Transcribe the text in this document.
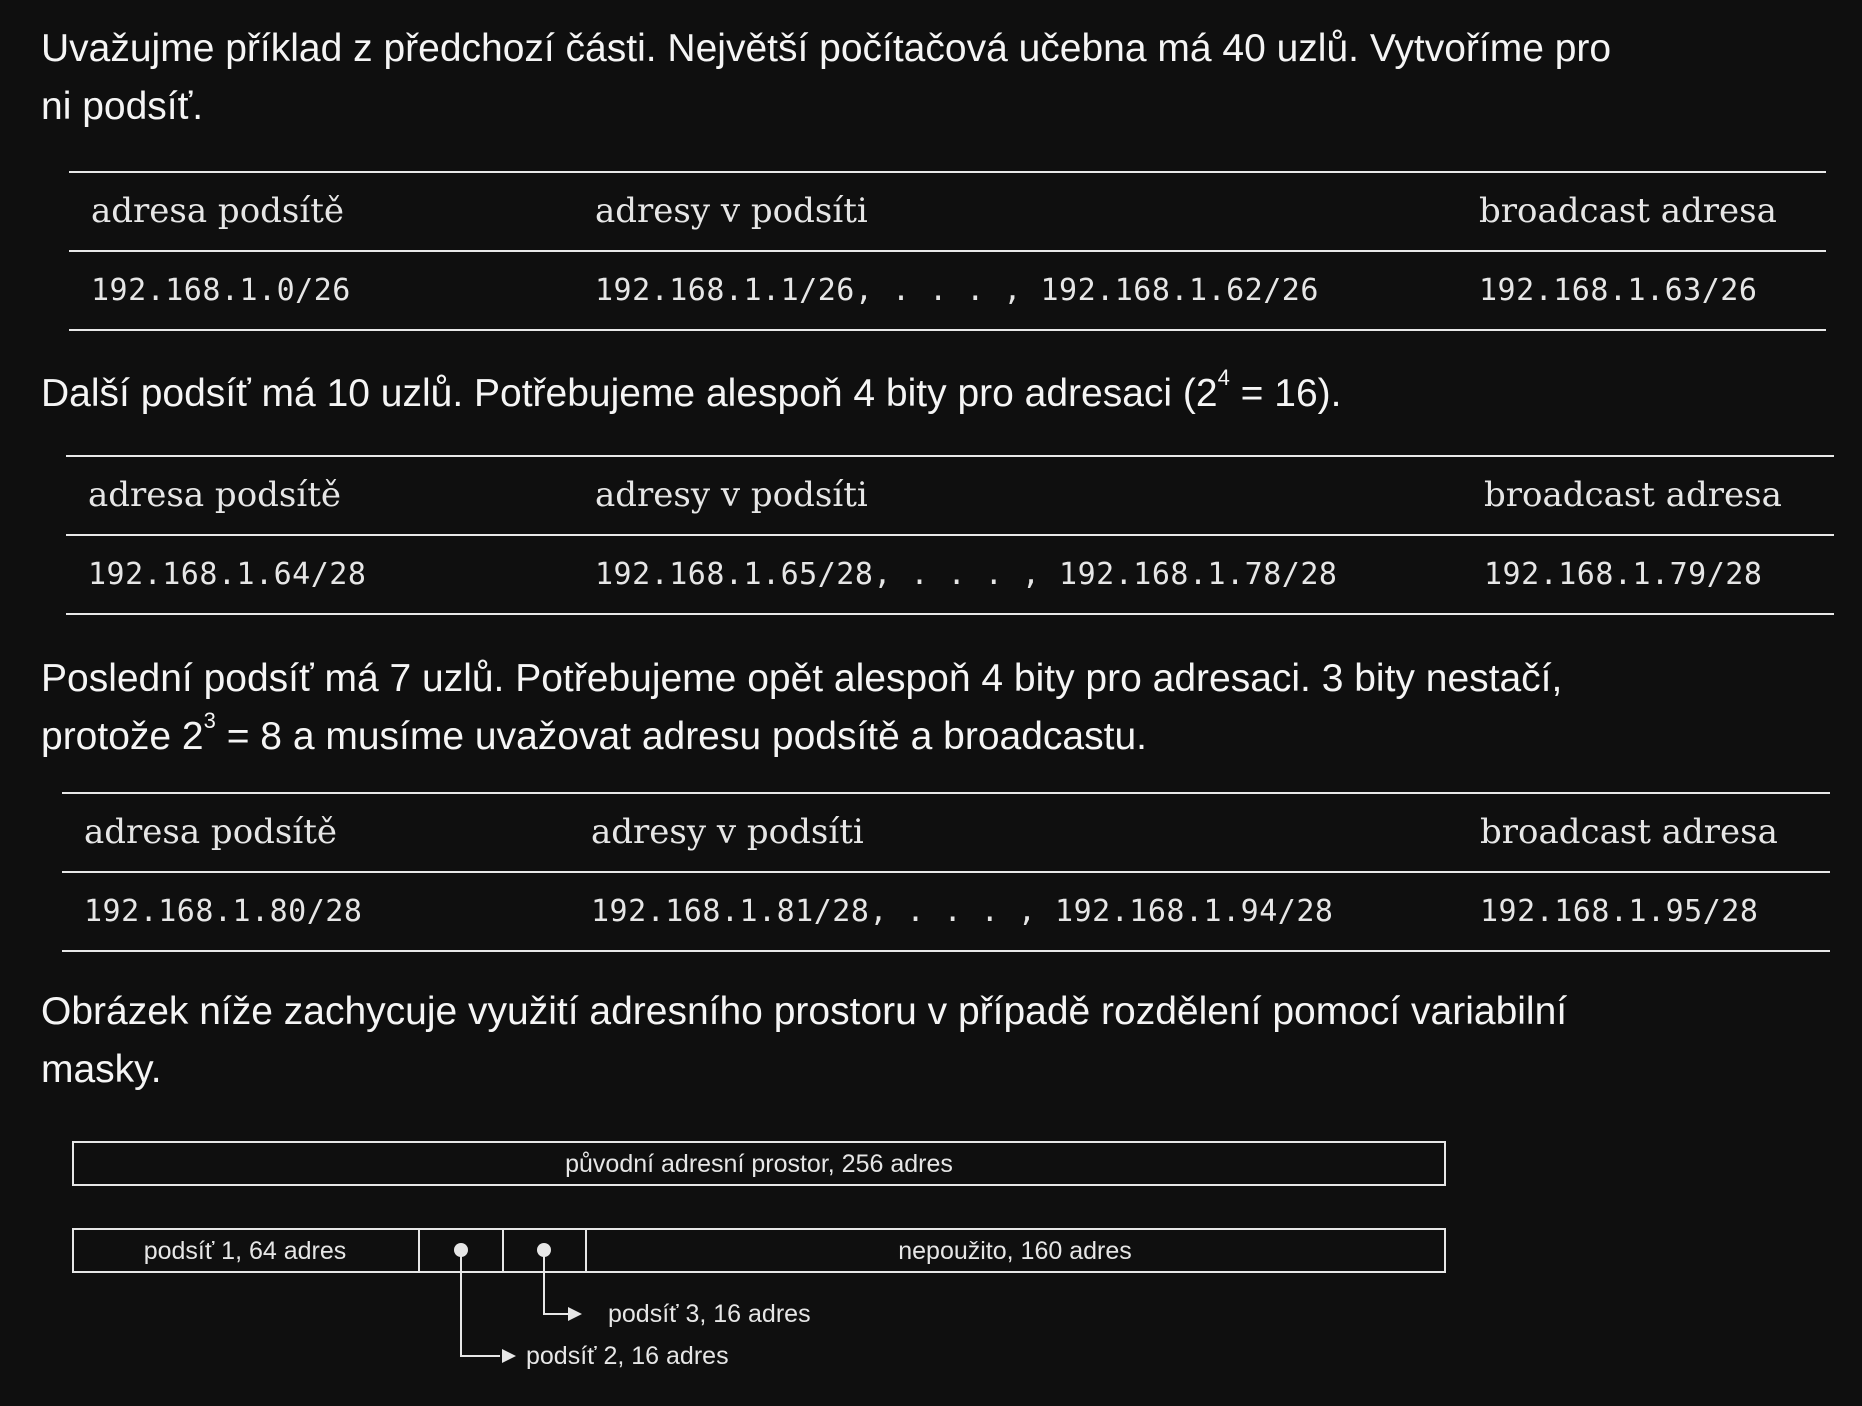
Uvažujme příklad z předchozí části. Největší počítačová učebna má 40 uzlů. Vytvoříme pro
ni podsíť.
adresa podsítě	adresy v podsíti	broadcast adresa
192.168.1.0/26	192.168.1.1/26, . . . , 192.168.1.62/26	192.168.1.63/26
Další podsíť má 10 uzlů. Potřebujeme alespoň 4 bity pro adresaci $(2^4 = 16)$.
adresa podsítě	adresy v podsíti	broadcast adresa
192.168.1.64/28	192.168.1.65/28, . . . , 192.168.1.78/28	192.168.1.79/28
Poslední podsíť má 7 uzlů. Potřebujeme opět alespoň 4 bity pro adresaci. 3 bity nestačí,
protože $2^3 = 8$ a musíme uvažovat adresu podsítě a broadcastu.
adresa podsítě	adresy v podsíti	broadcast adresa
192.168.1.80/28	192.168.1.81/28, . . . , 192.168.1.94/28	192.168.1.95/28
Obrázek níže zachycuje využití adresního prostoru v případě rozdělení pomocí variabilní
masky.
původní adresní prostor, 256 adres
podsíť 1, 64 adres	nepoužito, 160 adres
podsíť 2, 16 adres
podsíť 3, 16 adres
